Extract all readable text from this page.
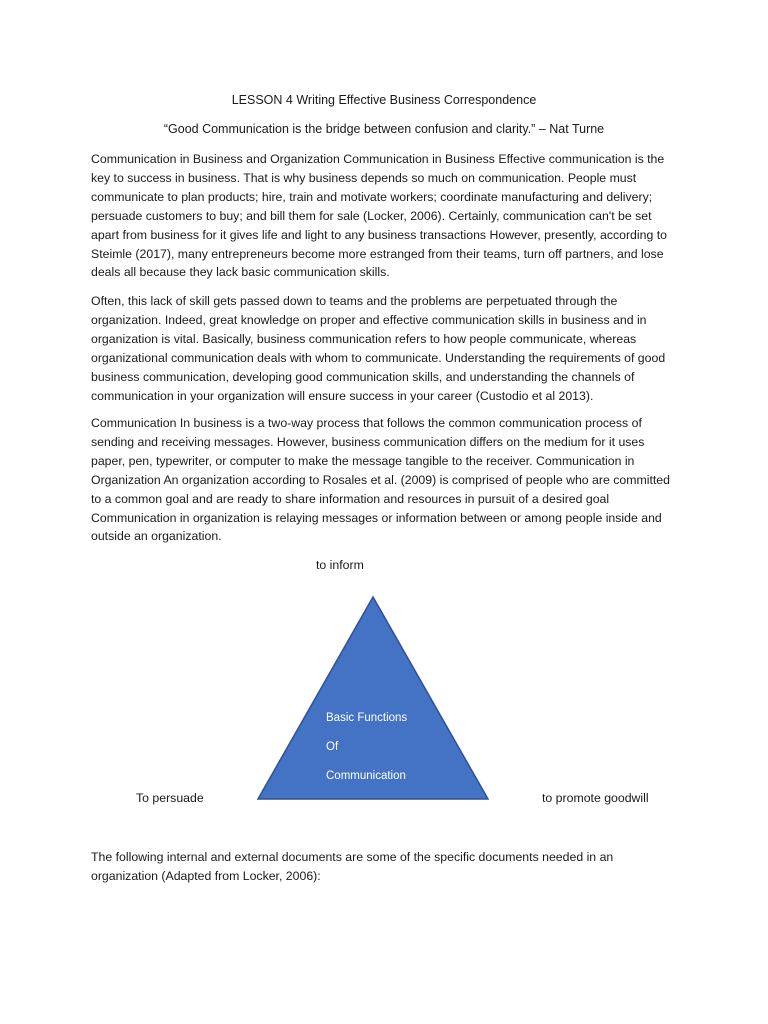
LESSON 4 Writing Effective Business Correspondence
“Good Communication is the bridge between confusion and clarity.” – Nat Turne

Communication in Business and Organization Communication in Business Effective communication is the key to success in business. That is why business depends so much on communication. People must communicate to plan products; hire, train and motivate workers; coordinate manufacturing and delivery; persuade customers to buy; and bill them for sale (Locker, 2006). Certainly, communication can't be set apart from business for it gives life and light to any business transactions However, presently, according to Steimle (2017), many entrepreneurs become more estranged from their teams, turn off partners, and lose deals all because they lack basic communication skills.

Often, this lack of skill gets passed down to teams and the problems are perpetuated through the organization. Indeed, great knowledge on proper and effective communication skills in business and in organization is vital. Basically, business communication refers to how people communicate, whereas organizational communication deals with whom to communicate. Understanding the requirements of good business communication, developing good communication skills, and understanding the channels of communication in your organization will ensure success in your career (Custodio et al 2013).

Communication In business is a two-way process that follows the common communication process of sending and receiving messages. However, business communication differs on the medium for it uses paper, pen, typewriter, or computer to make the message tangible to the receiver. Communication in Organization An organization according to Rosales et al. (2009) is comprised of people who are committed to a common goal and are ready to share information and resources in pursuit of a desired goal Communication in organization is relaying messages or information between or among people inside and outside an organization.

to inform
Basic Functions
Of
Communication
To persuade	to promote goodwill

The following internal and external documents are some of the specific documents needed in an organization (Adapted from Locker, 2006):
